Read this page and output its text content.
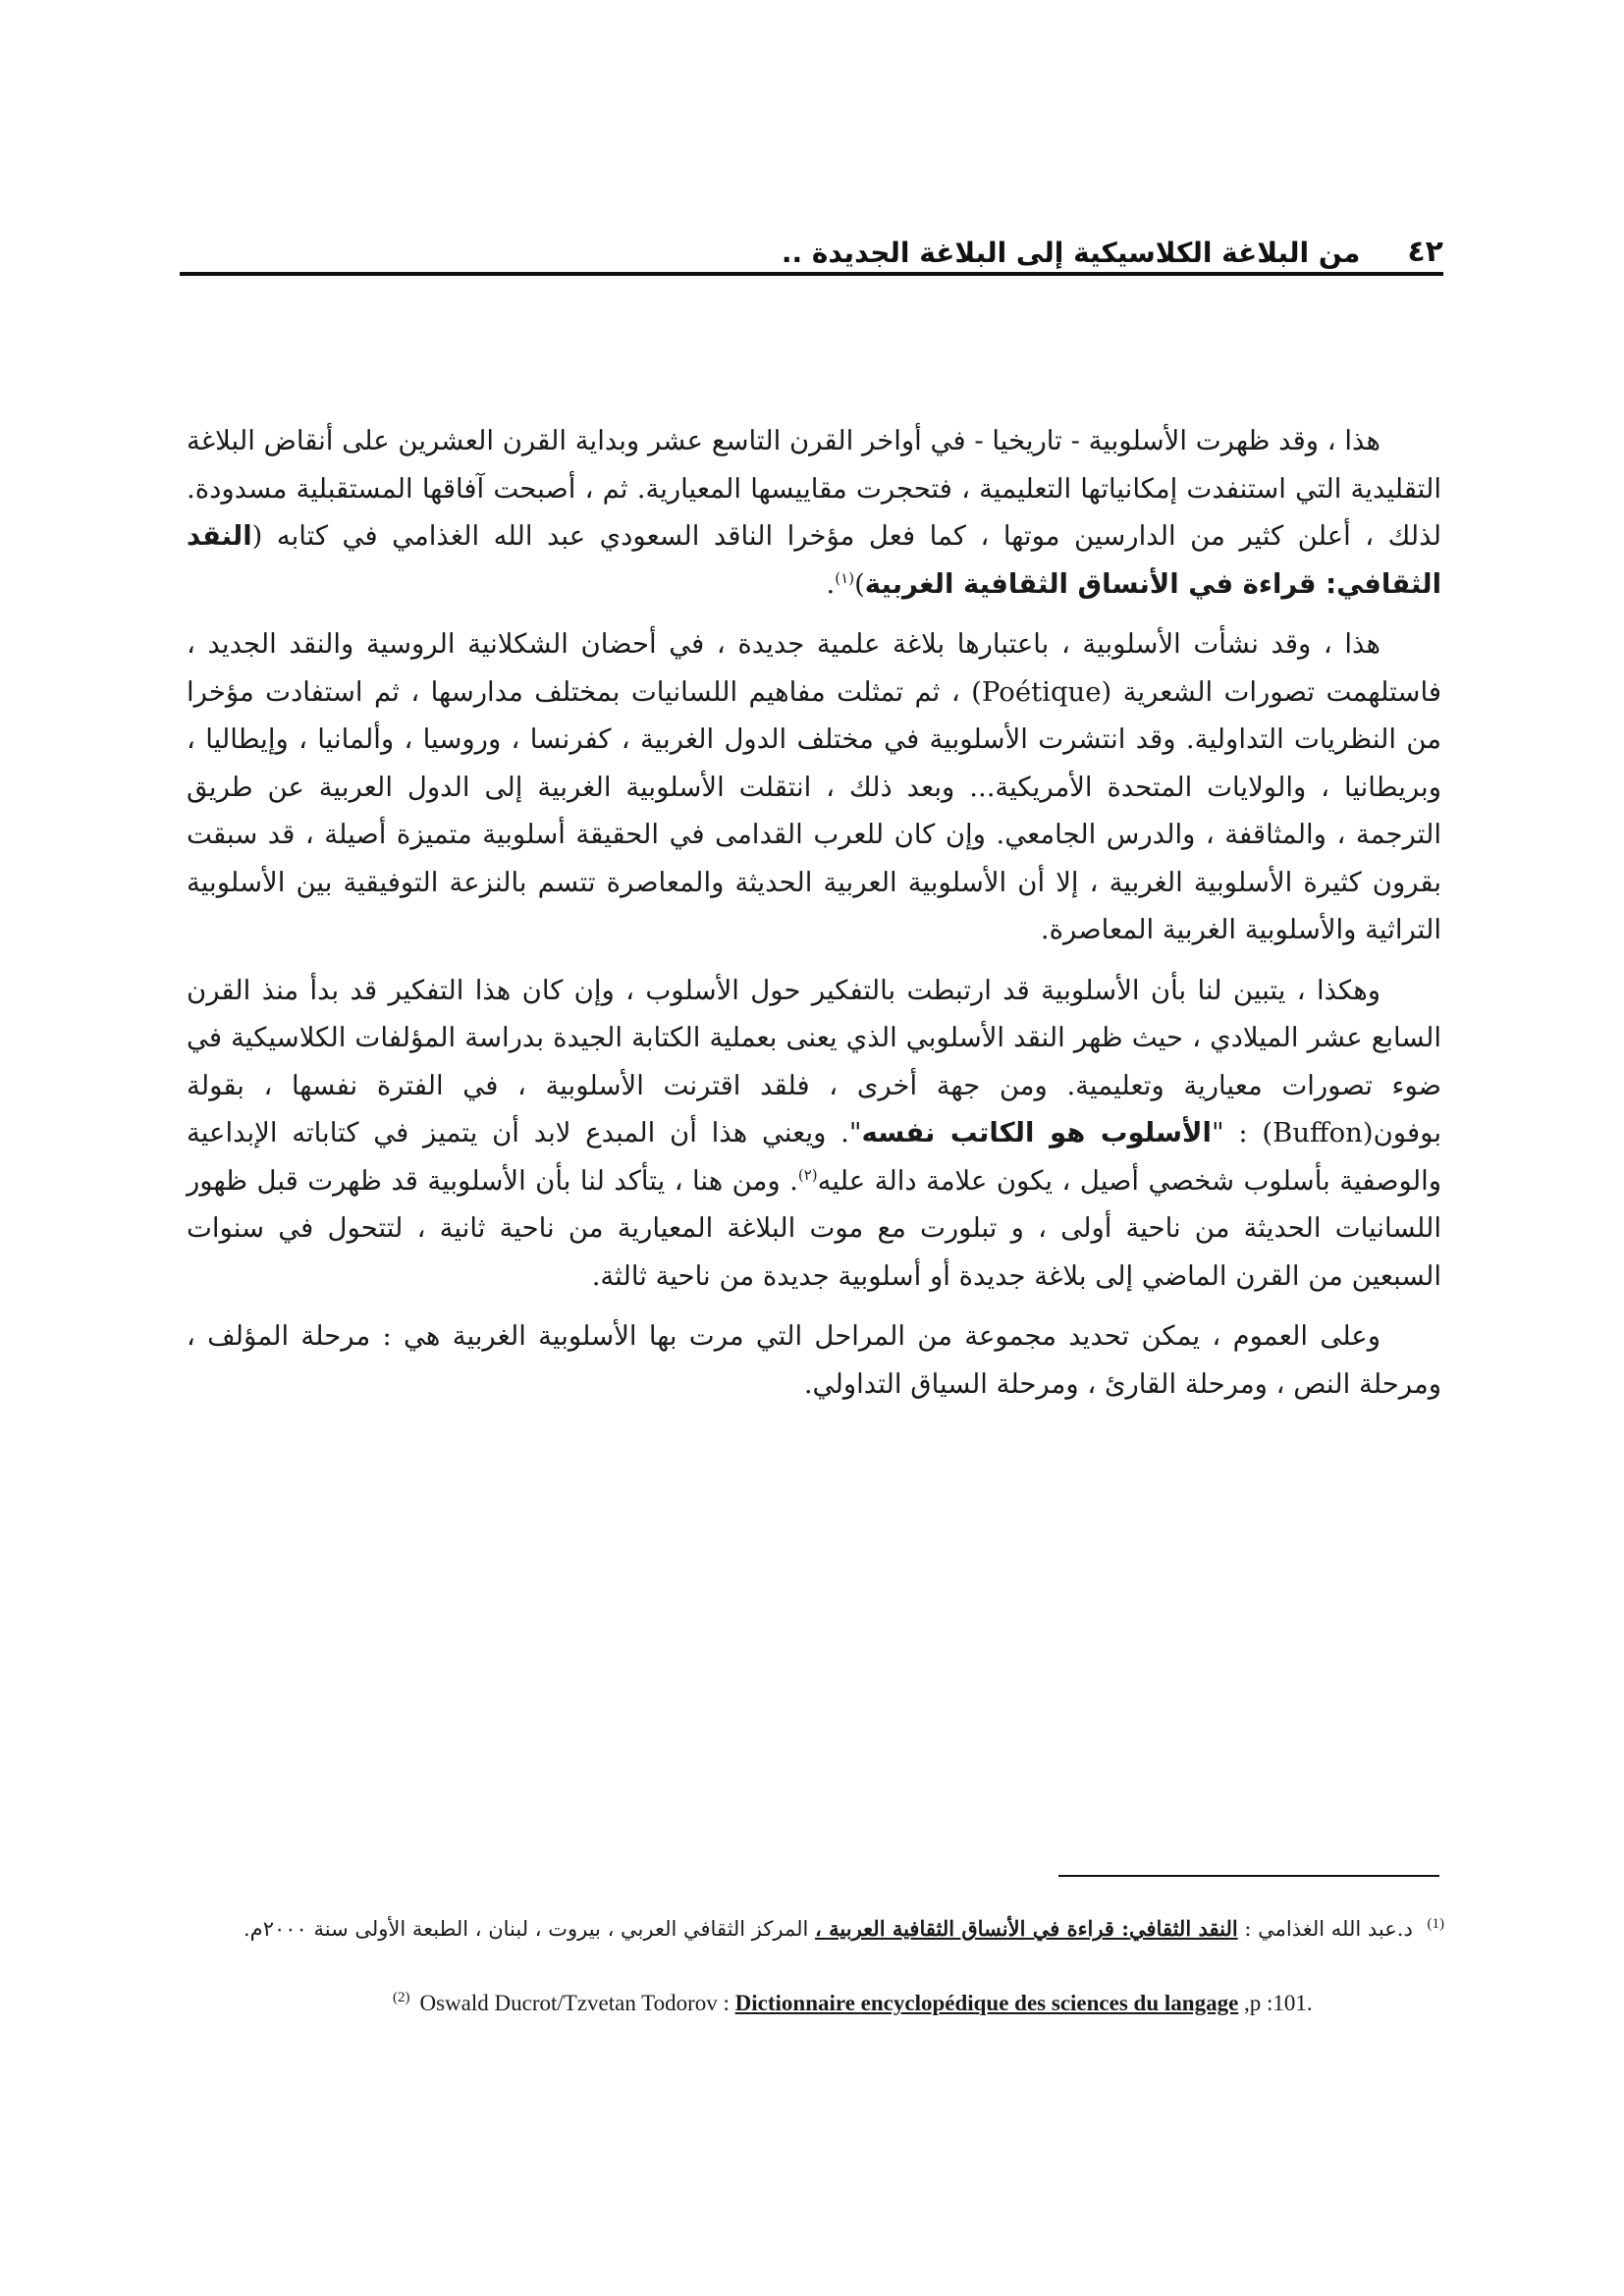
٤٢
من البلاغة الكلاسيكية إلى البلاغة الجديدة ..

هذا ، وقد ظهرت الأسلوبية - تاريخيا - في أواخر القرن التاسع عشر وبداية القرن العشرين على أنقاض البلاغة التقليدية التي استنفدت إمكانياتها التعليمية ، فتحجرت مقاييسها المعيارية. ثم ، أصبحت آفاقها المستقبلية مسدودة. لذلك ، أعلن كثير من الدارسين موتها ، كما فعل مؤخرا الناقد السعودي عبد الله الغذامي في كتابه (النقد الثقافي: قراءة في الأنساق الثقافية الغربية)$^{(١)}$.

هذا ، وقد نشأت الأسلوبية ، باعتبارها بلاغة علمية جديدة ، في أحضان الشكلانية الروسية والنقد الجديد ، فاستلهمت تصورات الشعرية (Poétique) ، ثم تمثلت مفاهيم اللسانيات بمختلف مدارسها ، ثم استفادت مؤخرا من النظريات التداولية. وقد انتشرت الأسلوبية في مختلف الدول الغربية ، كفرنسا ، وروسيا ، وألمانيا ، وإيطاليا ، وبريطانيا ، والولايات المتحدة الأمريكية... وبعد ذلك ، انتقلت الأسلوبية الغربية إلى الدول العربية عن طريق الترجمة ، والمثاقفة ، والدرس الجامعي. وإن كان للعرب القدامى في الحقيقة أسلوبية متميزة أصيلة ، قد سبقت بقرون كثيرة الأسلوبية الغربية ، إلا أن الأسلوبية العربية الحديثة والمعاصرة تتسم بالنزعة التوفيقية بين الأسلوبية التراثية والأسلوبية الغربية المعاصرة.

وهكذا ، يتبين لنا بأن الأسلوبية قد ارتبطت بالتفكير حول الأسلوب ، وإن كان هذا التفكير قد بدأ منذ القرن السابع عشر الميلادي ، حيث ظهر النقد الأسلوبي الذي يعنى بعملية الكتابة الجيدة بدراسة المؤلفات الكلاسيكية في ضوء تصورات معيارية وتعليمية. ومن جهة أخرى ، فلقد اقترنت الأسلوبية ، في الفترة نفسها ، بقولة بوفون(Buffon) : "الأسلوب هو الكاتب نفسه". ويعني هذا أن المبدع لابد أن يتميز في كتاباته الإبداعية والوصفية بأسلوب شخصي أصيل ، يكون علامة دالة عليه$^{(٢)}$. ومن هنا ، يتأكد لنا بأن الأسلوبية قد ظهرت قبل ظهور اللسانيات الحديثة من ناحية أولى ، و تبلورت مع موت البلاغة المعيارية من ناحية ثانية ، لتتحول في سنوات السبعين من القرن الماضي إلى بلاغة جديدة أو أسلوبية جديدة من ناحية ثالثة.

وعلى العموم ، يمكن تحديد مجموعة من المراحل التي مرت بها الأسلوبية الغربية هي : مرحلة المؤلف ، ومرحلة النص ، ومرحلة القارئ ، ومرحلة السياق التداولي.

$^{(1)}$ د.عبد الله الغذامي : النقد الثقافي: قراءة في الأنساق الثقافية العربية ، المركز الثقافي العربي ، بيروت ، لبنان ، الطبعة الأولى سنة ٢٠٠٠م.
$^{(2)}$ Oswald Ducrot/Tzvetan Todorov : Dictionnaire encyclopédique des sciences du langage ,p :101.
